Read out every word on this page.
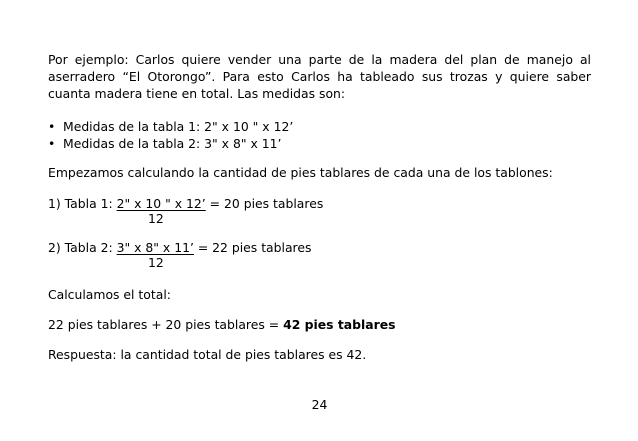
Por ejemplo: Carlos quiere vender una parte de la madera del plan de manejo al
aserradero “El Otorongo”. Para esto Carlos ha tableado sus trozas y quiere saber
cuanta madera tiene en total. Las medidas son:
• Medidas de la tabla 1: 2" x 10 " x 12’
• Medidas de la tabla 2: 3" x 8" x 11’
Empezamos calculando la cantidad de pies tablares de cada una de los tablones:
1) Tabla 1: 2" x 10 " x 12’ = 20 pies tablares
12
2) Tabla 2: 3" x 8" x 11’ = 22 pies tablares
12
Calculamos el total:
22 pies tablares + 20 pies tablares = 42 pies tablares
Respuesta: la cantidad total de pies tablares es 42.
24
